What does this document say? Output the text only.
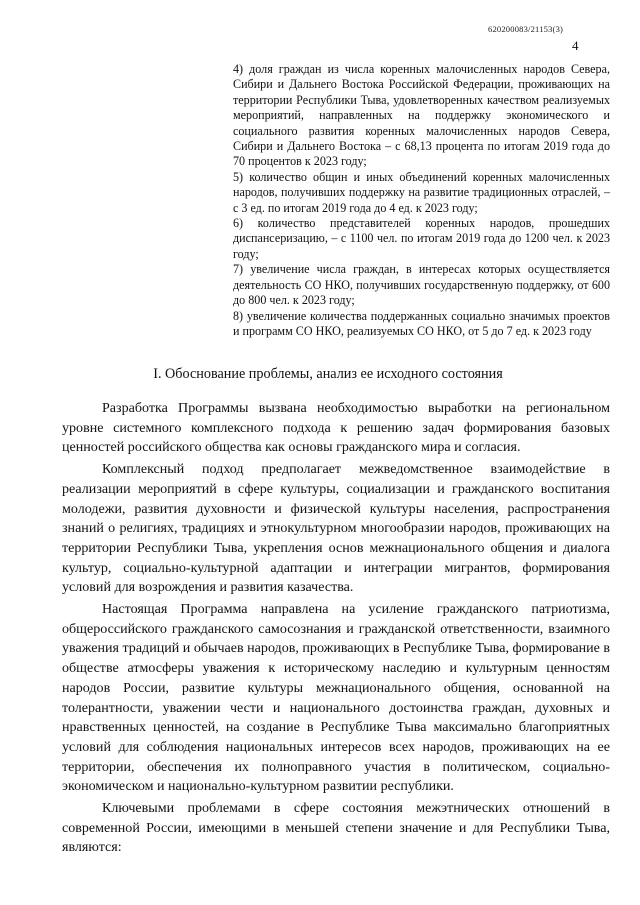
620200083/21153(3)
4

4) доля граждан из числа коренных малочисленных народов Севера, Сибири и Дальнего Востока Российской Федерации, проживающих на территории Республики Тыва, удовлетворенных качеством реализуемых мероприятий, направленных на поддержку экономического и социального развития коренных малочисленных народов Севера, Сибири и Дальнего Востока – с 68,13 процента по итогам 2019 года до 70 процентов к 2023 году;

5) количество общин и иных объединений коренных малочисленных народов, получивших поддержку на развитие традиционных отраслей, – с 3 ед. по итогам 2019 года до 4 ед. к 2023 году;

6) количество представителей коренных народов, прошедших диспансеризацию, – с 1100 чел. по итогам 2019 года до 1200 чел. к 2023 году;

7) увеличение числа граждан, в интересах которых осуществляется деятельность СО НКО, получивших государственную поддержку, от 600 до 800 чел. к 2023 году;

8) увеличение количества поддержанных социально значимых проектов и программ СО НКО, реализуемых СО НКО, от 5 до 7 ед. к 2023 году

I. Обоснование проблемы, анализ ее исходного состояния

Разработка Программы вызвана необходимостью выработки на региональном уровне системного комплексного подхода к решению задач формирования базовых ценностей российского общества как основы гражданского мира и согласия.

Комплексный подход предполагает межведомственное взаимодействие в реализации мероприятий в сфере культуры, социализации и гражданского воспитания молодежи, развития духовности и физической культуры населения, распространения знаний о религиях, традициях и этнокультурном многообразии народов, проживающих на территории Республики Тыва, укрепления основ межнационального общения и диалога культур, социально-культурной адаптации и интеграции мигрантов, формирования условий для возрождения и развития казачества.

Настоящая Программа направлена на усиление гражданского патриотизма, общероссийского гражданского самосознания и гражданской ответственности, взаимного уважения традиций и обычаев народов, проживающих в Республике Тыва, формирование в обществе атмосферы уважения к историческому наследию и культурным ценностям народов России, развитие культуры межнационального общения, основанной на толерантности, уважении чести и национального достоинства граждан, духовных и нравственных ценностей, на создание в Республике Тыва максимально благоприятных условий для соблюдения национальных интересов всех народов, проживающих на ее территории, обеспечения их полноправного участия в политическом, социально-экономическом и национально-культурном развитии республики.

Ключевыми проблемами в сфере состояния межэтнических отношений в современной России, имеющими в меньшей степени значение и для Республики Тыва, являются:
